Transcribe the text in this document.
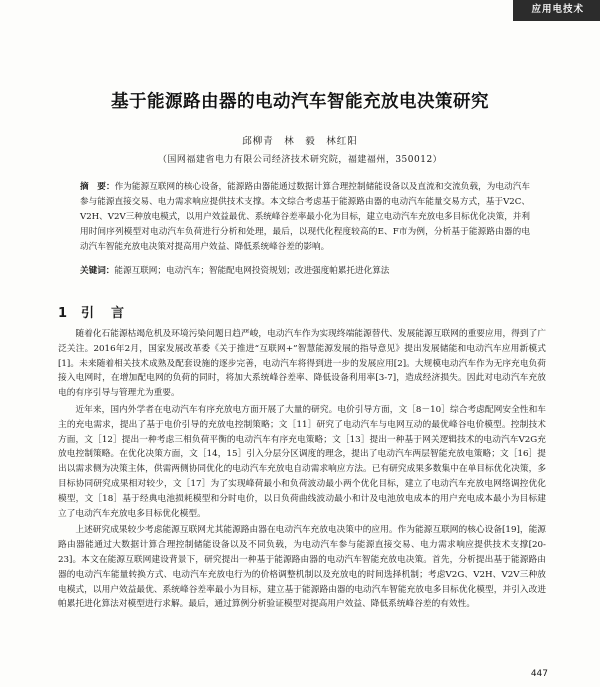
应用电技术
基于能源路由器的电动汽车智能充放电决策研究
邱柳青　林　毅　林红阳
（国网福建省电力有限公司经济技术研究院，福建福州，350012）
摘　要：作为能源互联网的核心设备，能源路由器能通过数据计算合理控制储能设备以及直流和交流负载，为电动汽车参与能源直接交易、电力需求响应提供技术支撑。本文综合考虑基于能源路由器的电动汽车能量交易方式，基于V2C、V2H、V2V三种放电模式，以用户效益最优、系统峰谷差率最小化为目标，建立电动汽车充放电多目标优化决策，并利用时间序列模型对电动汽车负荷进行分析和处理，最后，以现代化程度较高的E、F市为例，分析基于能源路由器的电动汽车智能充放电决策对提高用户效益、降低系统峰谷差的影响。
关键词：能源互联网；电动汽车；智能配电网投资规划；改进强度帕累托进化算法
1 引　言

随着化石能源枯竭危机及环境污染问题日趋严峻，电动汽车作为实现终端能源替代、发展能源互联网的重要应用，得到了广泛关注。2016年2月，国家发展改革委《关于推进“互联网+”智慧能源发展的指导意见》提出发展储能和电动汽车应用新模式[1]。未来随着相关技术成熟及配套设施的逐步完善，电动汽车将得到进一步的发展应用[2]。大规模电动汽车作为无序充电负荷接入电网时，在增加配电网的负荷的同时，将加大系统峰谷差率、降低设备利用率[3-7]，造成经济损失。因此对电动汽车充放电的有序引导与管理尤为重要。

近年来，国内外学者在电动汽车有序充放电方面开展了大量的研究。电价引导方面，文［8－10］综合考虑配网安全性和车主的充电需求，提出了基于电价引导的充放电控制策略；文［11］研究了电动汽车与电网互动的最优峰谷电价模型。控制技术方面，文［12］提出一种考虑三相负荷平衡的电动汽车有序充电策略；文［13］提出一种基于网关逻辑技术的电动汽车V2G充放电控制策略。在优化决策方面，文［14，15］引入分层分区调度的理念，提出了电动汽车两层智能充放电策略；文［16］提出以需求侧为决策主体，供需两侧协同优化的电动汽车充放电自动需求响应方法。已有研究成果多数集中在单目标优化决策，多目标协同研究成果相对较少，文［17］为了实现峰荷最小和负荷波动最小两个优化目标，建立了电动汽车充放电网络调控优化模型，文［18］基于经典电池损耗模型和分时电价，以日负荷曲线波动最小和计及电池放电成本的用户充电成本最小为目标建立了电动汽车充放电多目标优化模型。

上述研究成果较少考虑能源互联网尤其能源路由器在电动汽车充放电决策中的应用。作为能源互联网的核心设备[19]，能源路由器能通过大数据计算合理控制储能设备以及不同负载，为电动汽车参与能源直接交易、电力需求响应提供技术支撑[20-23]。本文在能源互联网建设背景下，研究提出一种基于能源路由器的电动汽车智能充放电决策。首先，分析提出基于能源路由器的电动汽车能量转换方式、电动汽车充放电行为的价格调整机制以及充放电的时间选择机制；考虑V2G、V2H、V2V三种放电模式，以用户效益最优、系统峰谷差率最小为目标，建立基于能源路由器的电动汽车智能充放电多目标优化模型，并引入改进帕累托进化算法对模型进行求解。最后，通过算例分析验证模型对提高用户效益、降低系统峰谷差的有效性。

447
